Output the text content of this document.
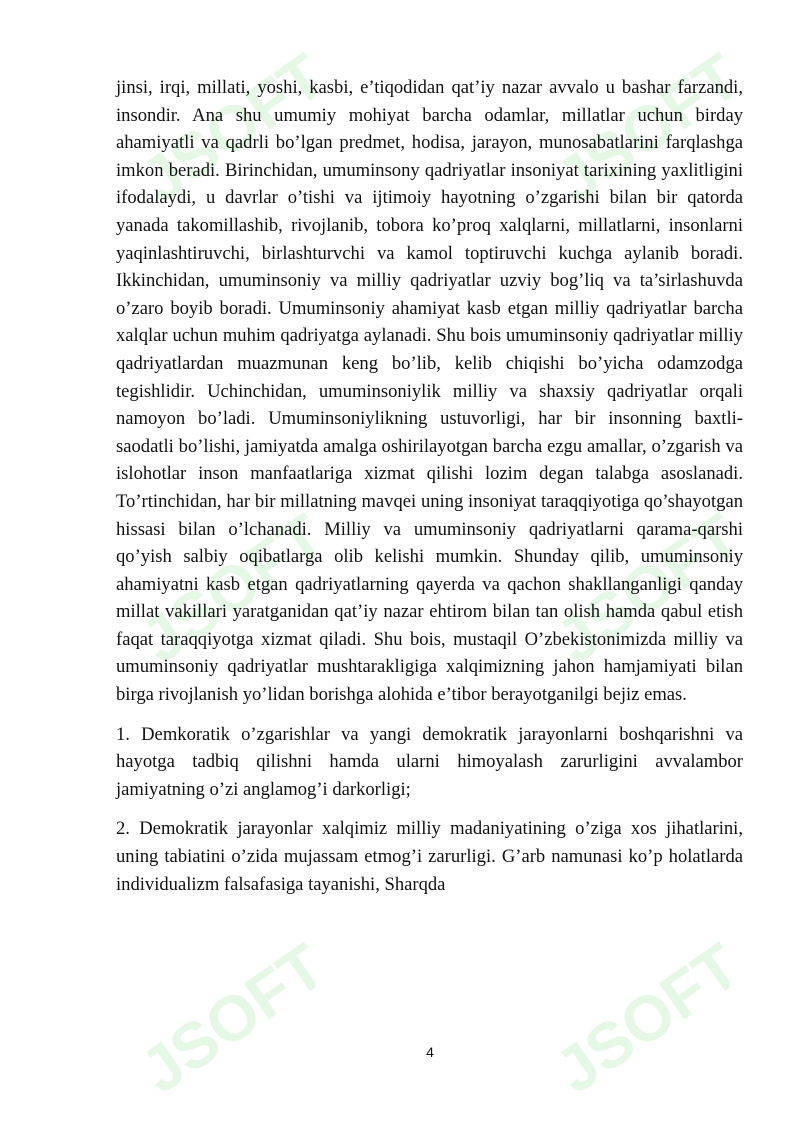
JSOFT	JSOFT
JSOFT	JSOFT
JSOFT	JSOFT

jinsi, irqi, millati, yoshi, kasbi, e’tiqodidan qat’iy nazar avvalo u bashar farzandi, insondir. Ana shu umumiy mohiyat barcha odamlar, millatlar uchun birday ahamiyatli va qadrli bo’lgan predmet, hodisa, jarayon, munosabatlarini farqlashga imkon beradi. Birinchidan, umuminsony qadriyatlar insoniyat tarixining yaxlitligini ifodalaydi, u davrlar o’tishi va ijtimoiy hayotning o’zgarishi bilan bir qatorda yanada takomillashib, rivojlanib, tobora ko’proq xalqlarni, millatlarni, insonlarni yaqinlashtiruvchi, birlashturvchi va kamol toptiruvchi kuchga aylanib boradi. Ikkinchidan, umuminsoniy va milliy qadriyatlar uzviy bog’liq va ta’sirlashuvda o’zaro boyib boradi. Umuminsoniy ahamiyat kasb etgan milliy qadriyatlar barcha xalqlar uchun muhim qadriyatga aylanadi. Shu bois umuminsoniy qadriyatlar milliy qadriyatlardan muazmunan keng bo’lib, kelib chiqishi bo’yicha odamzodga tegishlidir. Uchinchidan, umuminsoniylik milliy va shaxsiy qadriyatlar orqali namoyon bo’ladi. Umuminsoniylikning ustuvorligi, har bir insonning baxtli-saodatli bo’lishi, jamiyatda amalga oshirilayotgan barcha ezgu amallar, o’zgarish va islohotlar inson manfaatlariga xizmat qilishi lozim degan talabga asoslanadi. To’rtinchidan, har bir millatning mavqei uning insoniyat taraqqiyotiga qo’shayotgan hissasi bilan o’lchanadi. Milliy va umuminsoniy qadriyatlarni qarama-qarshi qo’yish salbiy oqibatlarga olib kelishi mumkin. Shunday qilib, umuminsoniy ahamiyatni kasb etgan qadriyatlarning qayerda va qachon shakllanganligi qanday millat vakillari yaratganidan qat’iy nazar ehtirom bilan tan olish hamda qabul etish faqat taraqqiyotga xizmat qiladi. Shu bois, mustaqil O’zbekistonimizda milliy va umuminsoniy qadriyatlar mushtarakligiga xalqimizning jahon hamjamiyati bilan birga rivojlanish yo’lidan borishga alohida e’tibor berayotganilgi bejiz emas.

1. Demkoratik o’zgarishlar va yangi demokratik jarayonlarni boshqarishni va hayotga tadbiq qilishni hamda ularni himoyalash zarurligini avvalambor jamiyatning o’zi anglamog’i darkorligi;

2. Demokratik jarayonlar xalqimiz milliy madaniyatining o’ziga xos jihatlarini, uning tabiatini o’zida mujassam etmog’i zarurligi. G’arb namunasi ko’p holatlarda individualizm falsafasiga tayanishi, Sharqda

4
